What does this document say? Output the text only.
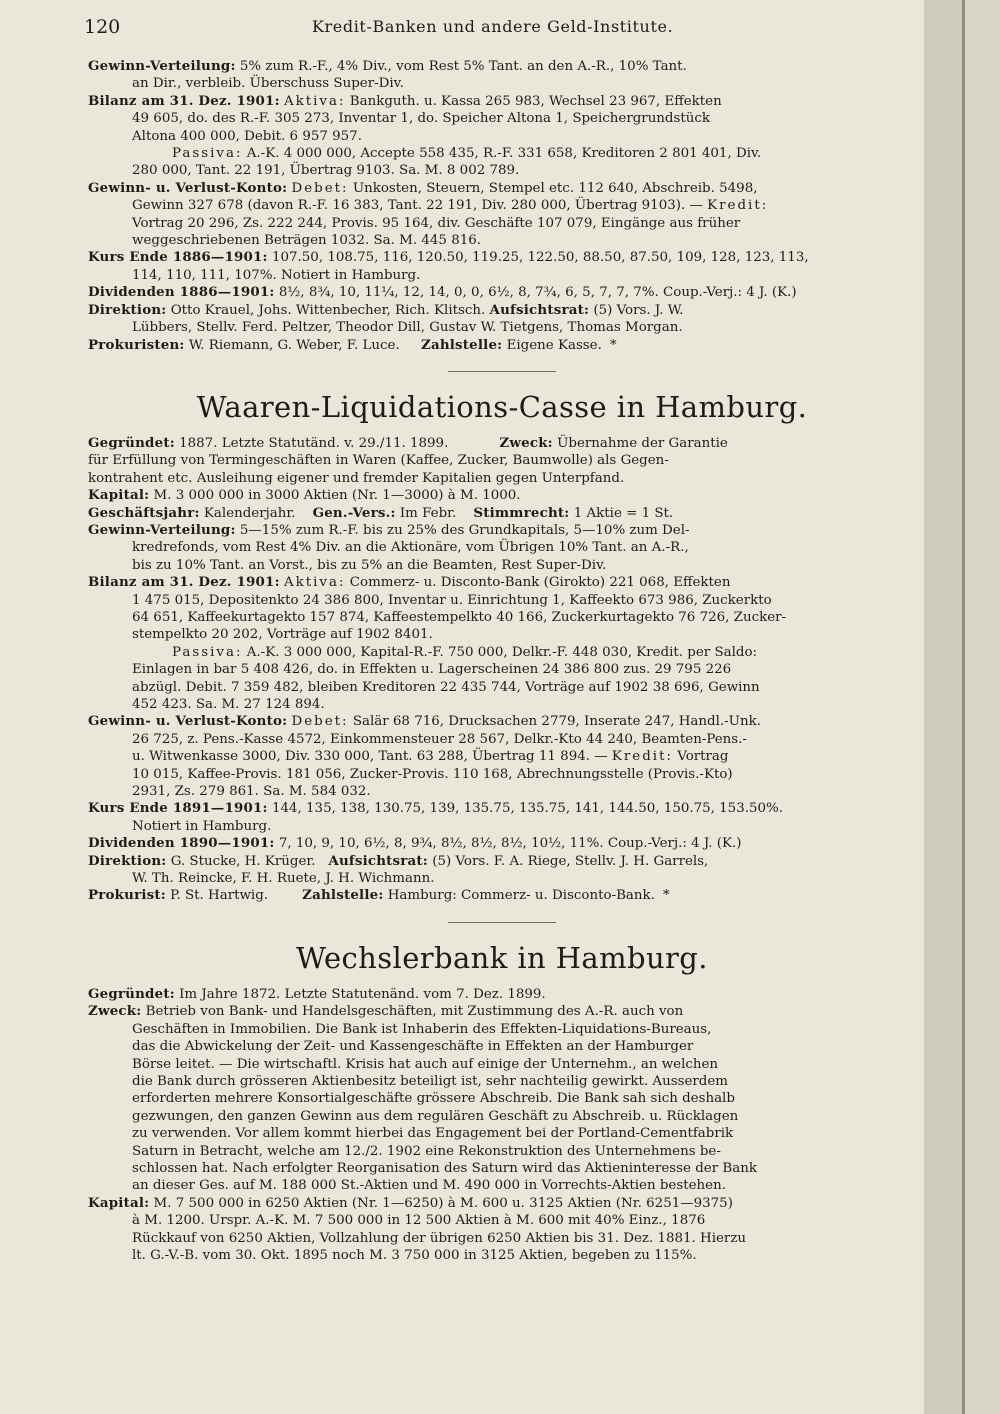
120	Kredit-Banken und andere Geld-Institute.

Gewinn-Verteilung: 5% zum R.-F., 4% Div., vom Rest 5% Tant. an den A.-R., 10% Tant.

an Dir., verbleib. Überschuss Super-Div.

Bilanz am 31. Dez. 1901: Aktiva: Bankguth. u. Kassa 265 983, Wechsel 23 967, Effekten

49 605, do. des R.-F. 305 273, Inventar 1, do. Speicher Altona 1, Speichergrundstück

Altona 400 000, Debit. 6 957 957.

Passiva: A.-K. 4 000 000, Accepte 558 435, R.-F. 331 658, Kreditoren 2 801 401, Div.

280 000, Tant. 22 191, Übertrag 9103. Sa. M. 8 002 789.

Gewinn- u. Verlust-Konto: Debet: Unkosten, Steuern, Stempel etc. 112 640, Abschreib. 5498,

Gewinn 327 678 (davon R.-F. 16 383, Tant. 22 191, Div. 280 000, Übertrag 9103). — Kredit:

Vortrag 20 296, Zs. 222 244, Provis. 95 164, div. Geschäfte 107 079, Eingänge aus früher

weggeschriebenen Beträgen 1032. Sa. M. 445 816.

Kurs Ende 1886—1901: 107.50, 108.75, 116, 120.50, 119.25, 122.50, 88.50, 87.50, 109, 128, 123, 113,

114, 110, 111, 107%. Notiert in Hamburg.

Dividenden 1886—1901: 8½, 8¾, 10, 11¼, 12, 14, 0, 0, 6½, 8, 7¾, 6, 5, 7, 7, 7%. Coup.-Verj.: 4 J. (K.)

Direktion: Otto Krauel, Johs. Wittenbecher, Rich. Klitsch. Aufsichtsrat: (5) Vors. J. W.

Lübbers, Stellv. Ferd. Peltzer, Theodor Dill, Gustav W. Tietgens, Thomas Morgan.

Prokuristen: W. Riemann, G. Weber, F. Luce. Zahlstelle: Eigene Kasse. *

Waaren-Liquidations-Casse in Hamburg.

Gegründet: 1887. Letzte Statutänd. v. 29./11. 1899.	Zweck: Übernahme der Garantie

für Erfüllung von Termingeschäften in Waren (Kaffee, Zucker, Baumwolle) als Gegen-

kontrahent etc. Ausleihung eigener und fremder Kapitalien gegen Unterpfand.

Kapital: M. 3 000 000 in 3000 Aktien (Nr. 1—3000) à M. 1000.

Geschäftsjahr: Kalenderjahr. Gen.-Vers.: Im Febr. Stimmrecht: 1 Aktie = 1 St.

Gewinn-Verteilung: 5—15% zum R.-F. bis zu 25% des Grundkapitals, 5—10% zum Del-

kredrefonds, vom Rest 4% Div. an die Aktionäre, vom Übrigen 10% Tant. an A.-R.,

bis zu 10% Tant. an Vorst., bis zu 5% an die Beamten, Rest Super-Div.

Bilanz am 31. Dez. 1901: Aktiva: Commerz- u. Disconto-Bank (Girokto) 221 068, Effekten

1 475 015, Depositenkto 24 386 800, Inventar u. Einrichtung 1, Kaffeekto 673 986, Zuckerkto

64 651, Kaffeekurtagekto 157 874, Kaffeestempelkto 40 166, Zuckerkurtagekto 76 726, Zucker-

stempelkto 20 202, Vorträge auf 1902 8401.

Passiva: A.-K. 3 000 000, Kapital-R.-F. 750 000, Delkr.-F. 448 030, Kredit. per Saldo:

Einlagen in bar 5 408 426, do. in Effekten u. Lagerscheinen 24 386 800 zus. 29 795 226

abzügl. Debit. 7 359 482, bleiben Kreditoren 22 435 744, Vorträge auf 1902 38 696, Gewinn

452 423. Sa. M. 27 124 894.

Gewinn- u. Verlust-Konto: Debet: Salär 68 716, Drucksachen 2779, Inserate 247, Handl.-Unk.

26 725, z. Pens.-Kasse 4572, Einkommensteuer 28 567, Delkr.-Kto 44 240, Beamten-Pens.-

u. Witwenkasse 3000, Div. 330 000, Tant. 63 288, Übertrag 11 894. — Kredit: Vortrag

10 015, Kaffee-Provis. 181 056, Zucker-Provis. 110 168, Abrechnungsstelle (Provis.-Kto)

2931, Zs. 279 861. Sa. M. 584 032.

Kurs Ende 1891—1901: 144, 135, 138, 130.75, 139, 135.75, 135.75, 141, 144.50, 150.75, 153.50%.

Notiert in Hamburg.

Dividenden 1890—1901: 7, 10, 9, 10, 6½, 8, 9¾, 8½, 8½, 8½, 10½, 11%. Coup.-Verj.: 4 J. (K.)

Direktion: G. Stucke, H. Krüger. Aufsichtsrat: (5) Vors. F. A. Riege, Stellv. J. H. Garrels,

W. Th. Reincke, F. H. Ruete, J. H. Wichmann.

Prokurist: P. St. Hartwig.	Zahlstelle: Hamburg: Commerz- u. Disconto-Bank. *

Wechslerbank in Hamburg.

Gegründet: Im Jahre 1872. Letzte Statutenänd. vom 7. Dez. 1899.

Zweck: Betrieb von Bank- und Handelsgeschäften, mit Zustimmung des A.-R. auch von

Geschäften in Immobilien. Die Bank ist Inhaberin des Effekten-Liquidations-Bureaus,

das die Abwickelung der Zeit- und Kassengeschäfte in Effekten an der Hamburger

Börse leitet. — Die wirtschaftl. Krisis hat auch auf einige der Unternehm., an welchen

die Bank durch grösseren Aktienbesitz beteiligt ist, sehr nachteilig gewirkt. Ausserdem

erforderten mehrere Konsortialgeschäfte grössere Abschreib. Die Bank sah sich deshalb

gezwungen, den ganzen Gewinn aus dem regulären Geschäft zu Abschreib. u. Rücklagen

zu verwenden. Vor allem kommt hierbei das Engagement bei der Portland-Cementfabrik

Saturn in Betracht, welche am 12./2. 1902 eine Rekonstruktion des Unternehmens be-

schlossen hat. Nach erfolgter Reorganisation des Saturn wird das Aktieninteresse der Bank

an dieser Ges. auf M. 188 000 St.-Aktien und M. 490 000 in Vorrechts-Aktien bestehen.

Kapital: M. 7 500 000 in 6250 Aktien (Nr. 1—6250) à M. 600 u. 3125 Aktien (Nr. 6251—9375)

à M. 1200. Urspr. A.-K. M. 7 500 000 in 12 500 Aktien à M. 600 mit 40% Einz., 1876

Rückkauf von 6250 Aktien, Vollzahlung der übrigen 6250 Aktien bis 31. Dez. 1881. Hierzu

lt. G.-V.-B. vom 30. Okt. 1895 noch M. 3 750 000 in 3125 Aktien, begeben zu 115%.
